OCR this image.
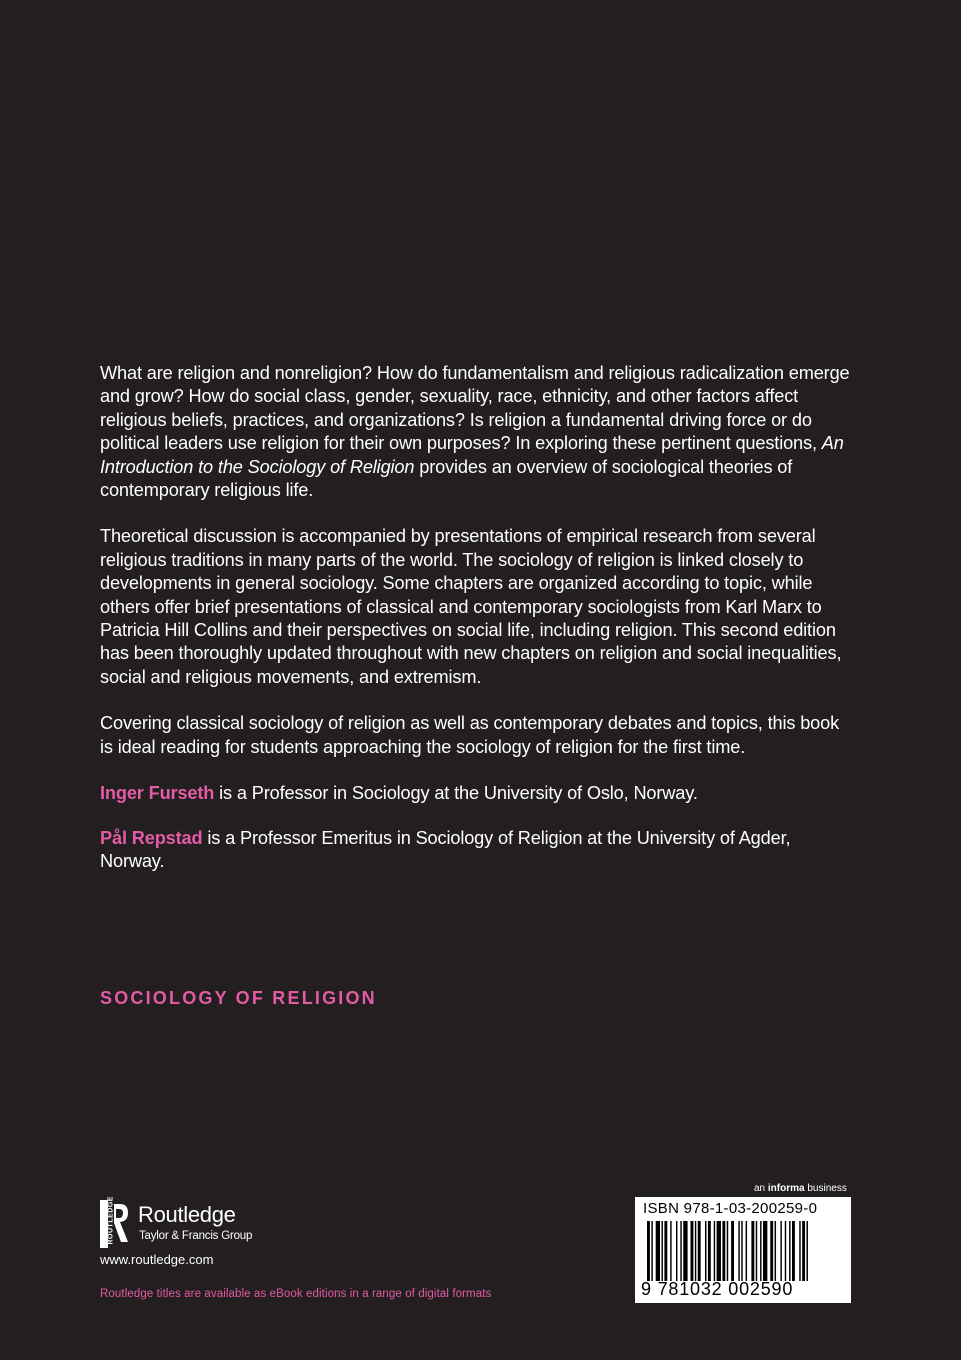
What are religion and nonreligion? How do fundamentalism and religious radicalization emerge and grow? How do social class, gender, sexuality, race, ethnicity, and other factors affect religious beliefs, practices, and organizations? Is religion a fundamental driving force or do political leaders use religion for their own purposes? In exploring these pertinent questions, An Introduction to the Sociology of Religion provides an overview of sociological theories of contemporary religious life.

Theoretical discussion is accompanied by presentations of empirical research from several religious traditions in many parts of the world. The sociology of religion is linked closely to developments in general sociology. Some chapters are organized according to topic, while others offer brief presentations of classical and contemporary sociologists from Karl Marx to Patricia Hill Collins and their perspectives on social life, including religion. This second edition has been thoroughly updated throughout with new chapters on religion and social inequalities, social and religious movements, and extremism.

Covering classical sociology of religion as well as contemporary debates and topics, this book is ideal reading for students approaching the sociology of religion for the first time.

Inger Furseth is a Professor in Sociology at the University of Oslo, Norway.

Pål Repstad is a Professor Emeritus in Sociology of Religion at the University of Agder, Norway.

SOCIOLOGY OF RELIGION
ROUTLEDGE Routledge
Taylor & Francis Group
www.routledge.com
Routledge titles are available as eBook editions in a range of digital formats
an informa business
ISBN 978-1-03-200259-0
9 781032 002590
